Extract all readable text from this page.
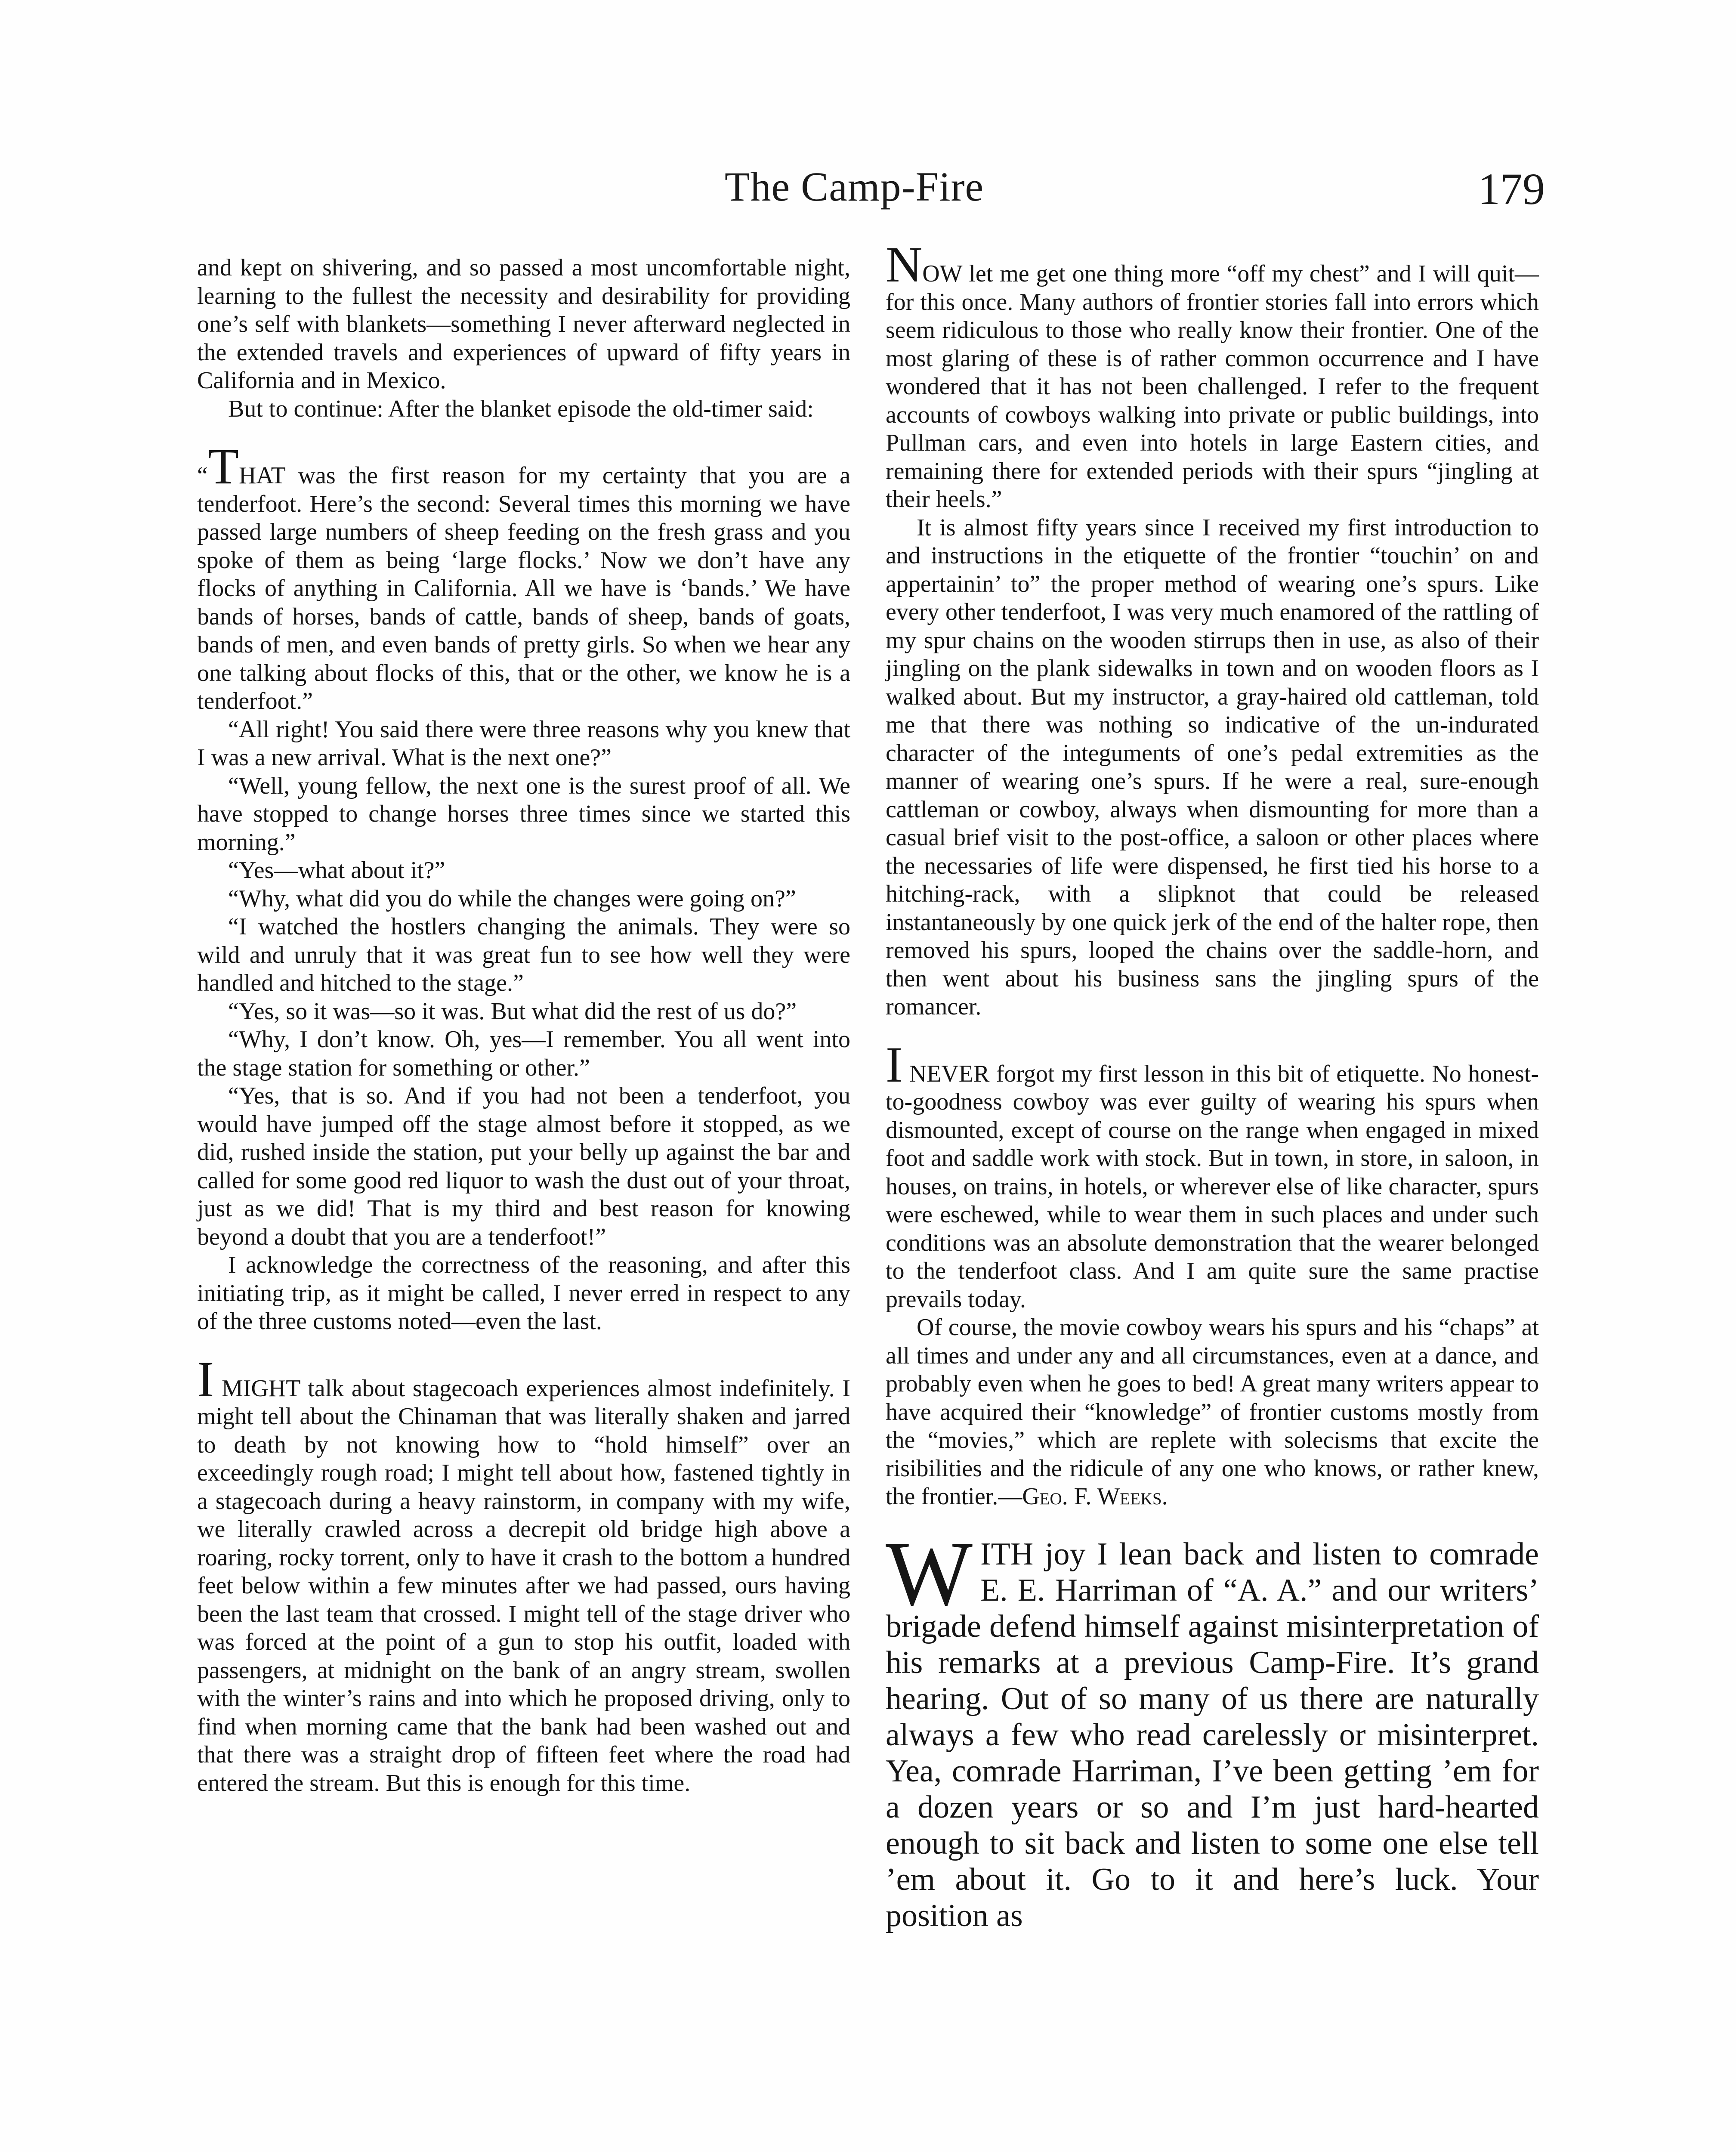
The Camp-Fire	179

and kept on shivering, and so passed a most uncomfortable night, learning to the fullest the necessity and desirability for providing one’s self with blankets—something I never afterward neglected in the extended travels and experiences of upward of fifty years in California and in Mexico.

But to continue: After the blanket episode the old-timer said:

“THAT was the first reason for my certainty that you are a tenderfoot. Here’s the second: Several times this morning we have passed large numbers of sheep feeding on the fresh grass and you spoke of them as being ‘large flocks.’ Now we don’t have any flocks of anything in California. All we have is ‘bands.’ We have bands of horses, bands of cattle, bands of sheep, bands of goats, bands of men, and even bands of pretty girls. So when we hear any one talking about flocks of this, that or the other, we know he is a tenderfoot.”

“All right! You said there were three reasons why you knew that I was a new arrival. What is the next one?”

“Well, young fellow, the next one is the surest proof of all. We have stopped to change horses three times since we started this morning.”

“Yes—what about it?”

“Why, what did you do while the changes were going on?”

“I watched the hostlers changing the animals. They were so wild and unruly that it was great fun to see how well they were handled and hitched to the stage.”

“Yes, so it was—so it was. But what did the rest of us do?”

“Why, I don’t know. Oh, yes—I remember. You all went into the stage station for something or other.”

“Yes, that is so. And if you had not been a tenderfoot, you would have jumped off the stage almost before it stopped, as we did, rushed inside the station, put your belly up against the bar and called for some good red liquor to wash the dust out of your throat, just as we did! That is my third and best reason for knowing beyond a doubt that you are a tenderfoot!”

I acknowledge the correctness of the reasoning, and after this initiating trip, as it might be called, I never erred in respect to any of the three customs noted—even the last.

I MIGHT talk about stagecoach experiences almost indefinitely. I might tell about the Chinaman that was literally shaken and jarred to death by not knowing how to “hold himself” over an exceedingly rough road; I might tell about how, fastened tightly in a stagecoach during a heavy rainstorm, in company with my wife, we literally crawled across a decrepit old bridge high above a roaring, rocky torrent, only to have it crash to the bottom a hundred feet below within a few minutes after we had passed, ours having been the last team that crossed. I might tell of the stage driver who was forced at the point of a gun to stop his outfit, loaded with passengers, at midnight on the bank of an angry stream, swollen with the winter’s rains and into which he proposed driving, only to find when morning came that the bank had been washed out and that there was a straight drop of fifteen feet where the road had entered the stream. But this is enough for this time.

NOW let me get one thing more “off my chest” and I will quit—for this once. Many authors of frontier stories fall into errors which seem ridiculous to those who really know their frontier. One of the most glaring of these is of rather common occurrence and I have wondered that it has not been challenged. I refer to the frequent accounts of cowboys walking into private or public buildings, into Pullman cars, and even into hotels in large Eastern cities, and remaining there for extended periods with their spurs “jingling at their heels.”

It is almost fifty years since I received my first introduction to and instructions in the etiquette of the frontier “touchin’ on and appertainin’ to” the proper method of wearing one’s spurs. Like every other tenderfoot, I was very much enamored of the rattling of my spur chains on the wooden stirrups then in use, as also of their jingling on the plank sidewalks in town and on wooden floors as I walked about. But my instructor, a gray-haired old cattleman, told me that there was nothing so indicative of the un-indurated character of the integuments of one’s pedal extremities as the manner of wearing one’s spurs. If he were a real, sure-enough cattleman or cowboy, always when dismounting for more than a casual brief visit to the post-office, a saloon or other places where the necessaries of life were dispensed, he first tied his horse to a hitching-rack, with a slipknot that could be released instantaneously by one quick jerk of the end of the halter rope, then removed his spurs, looped the chains over the saddle-horn, and then went about his business sans the jingling spurs of the romancer.

I NEVER forgot my first lesson in this bit of etiquette. No honest-to-goodness cowboy was ever guilty of wearing his spurs when dismounted, except of course on the range when engaged in mixed foot and saddle work with stock. But in town, in store, in saloon, in houses, on trains, in hotels, or wherever else of like character, spurs were eschewed, while to wear them in such places and under such conditions was an absolute demonstration that the wearer belonged to the tenderfoot class. And I am quite sure the same practise prevails today.

Of course, the movie cowboy wears his spurs and his “chaps” at all times and under any and all circumstances, even at a dance, and probably even when he goes to bed! A great many writers appear to have acquired their “knowledge” of frontier customs mostly from the “movies,” which are replete with solecisms that excite the risibilities and the ridicule of any one who knows, or rather knew, the frontier.—Geo. F. Weeks.

WITH joy I lean back and listen to comrade E. E. Harriman of “A. A.” and our writers’ brigade defend himself against misinterpretation of his remarks at a previous Camp-Fire. It’s grand hearing. Out of so many of us there are naturally always a few who read carelessly or misinterpret. Yea, comrade Harriman, I’ve been getting ’em for a dozen years or so and I’m just hard-hearted enough to sit back and listen to some one else tell ’em about it. Go to it and here’s luck. Your position as
